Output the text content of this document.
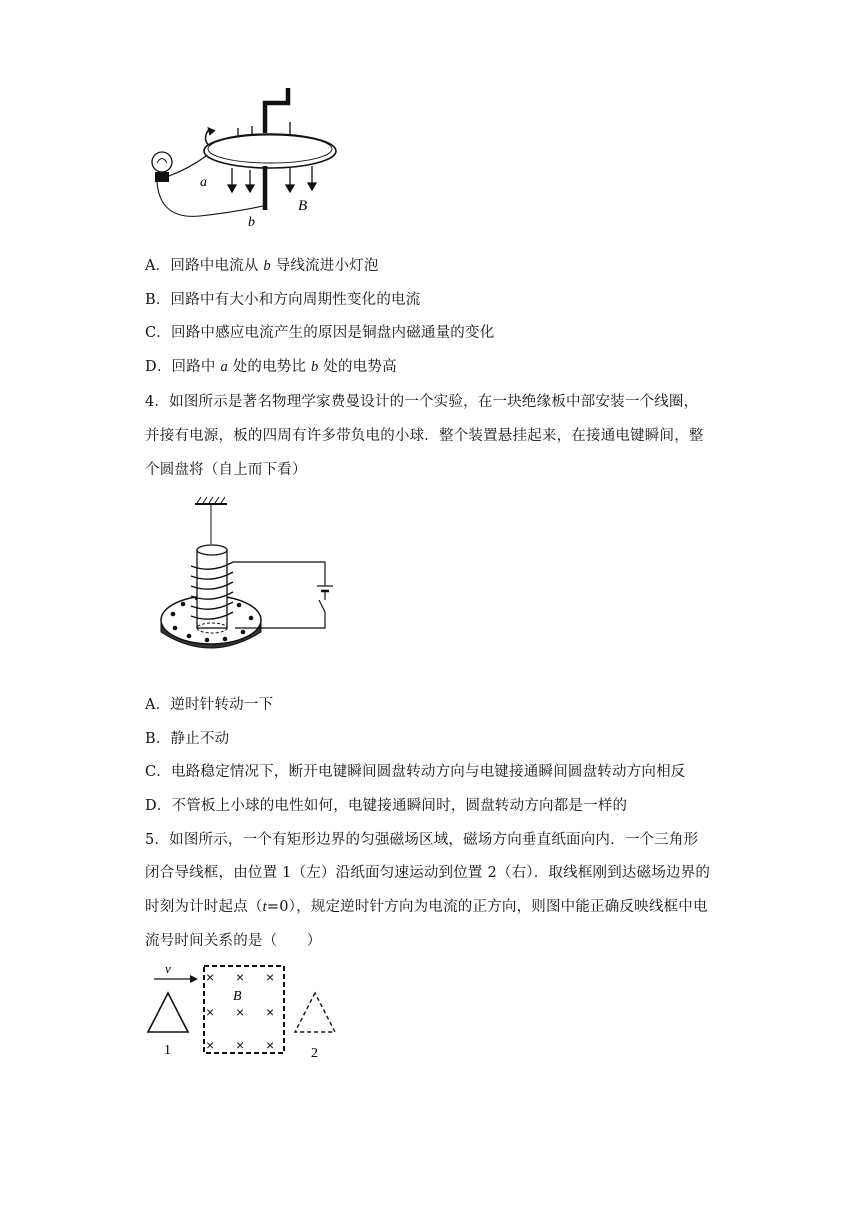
a
b
B
A．回路中电流从 b 导线流进小灯泡
B．回路中有大小和方向周期性变化的电流
C．回路中感应电流产生的原因是铜盘内磁通量的变化
D．回路中 a 处的电势比 b 处的电势高
4．如图所示是著名物理学家费曼设计的一个实验，在一块绝缘板中部安装一个线圈，
并接有电源，板的四周有许多带负电的小球．整个装置悬挂起来，在接通电键瞬间，整
个圆盘将（自上而下看）
A．逆时针转动一下
B．静止不动
C．电路稳定情况下，断开电键瞬间圆盘转动方向与电键接通瞬间圆盘转动方向相反
D．不管板上小球的电性如何，电键接通瞬间时，圆盘转动方向都是一样的
5．如图所示，一个有矩形边界的匀强磁场区域，磁场方向垂直纸面向内．一个三角形
闭合导线框，由位置 1（左）沿纸面匀速运动到位置 2（右）．取线框刚到达磁场边界的
时刻为计时起点（t=0），规定逆时针方向为电流的正方向，则图中能正确反映线框中电
流号时间关系的是（　　）
v
1
× × ×
× × ×
× × ×
B
2
